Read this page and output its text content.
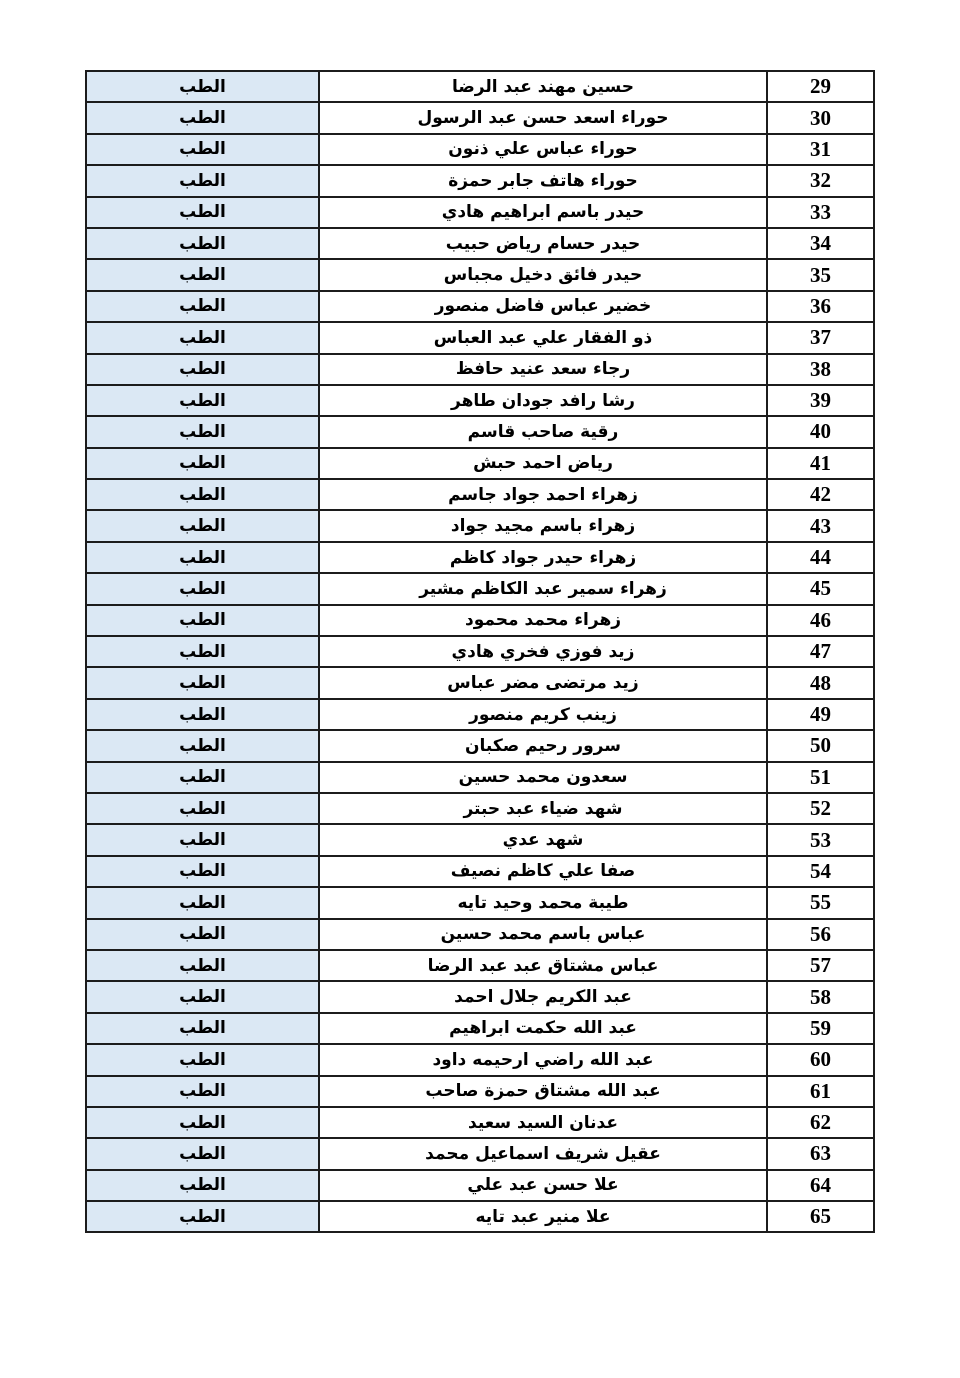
29	حسين مهند عبد الرضا	الطب
30	حوراء اسعد حسن عبد الرسول	الطب
31	حوراء عباس علي ذنون	الطب
32	حوراء هاتف جابر حمزة	الطب
33	حيدر باسم ابراهيم هادي	الطب
34	حيدر حسام رياض حبيب	الطب
35	حيدر فائق دخيل مجباس	الطب
36	خضير عباس فاضل منصور	الطب
37	ذو الفقار علي عبد العباس	الطب
38	رجاء سعد عنيد حافظ	الطب
39	رشا رافد جودان طاهر	الطب
40	رقية صاحب قاسم	الطب
41	رياض احمد حبش	الطب
42	زهراء احمد جواد جاسم	الطب
43	زهراء باسم مجيد جواد	الطب
44	زهراء حيدر جواد كاظم	الطب
45	زهراء سمير عبد الكاظم مشير	الطب
46	زهراء محمد محمود	الطب
47	زيد فوزي فخري هادي	الطب
48	زيد مرتضى مضر عباس	الطب
49	زينب كريم منصور	الطب
50	سرور رحيم صكبان	الطب
51	سعدون محمد حسين	الطب
52	شهد ضياء عبد حبتر	الطب
53	شهد عدي	الطب
54	صفا علي كاظم نصيف	الطب
55	طيبة محمد وحيد تايه	الطب
56	عباس باسم محمد حسين	الطب
57	عباس مشتاق عبد عبد الرضا	الطب
58	عبد الكريم جلال احمد	الطب
59	عبد الله حكمت ابراهيم	الطب
60	عبد الله راضي ارحيمه داود	الطب
61	عبد الله مشتاق حمزة صاحب	الطب
62	عدنان السيد سعيد	الطب
63	عقيل شريف اسماعيل محمد	الطب
64	علا حسن عبد علي	الطب
65	علا منير عبد تايه	الطب
